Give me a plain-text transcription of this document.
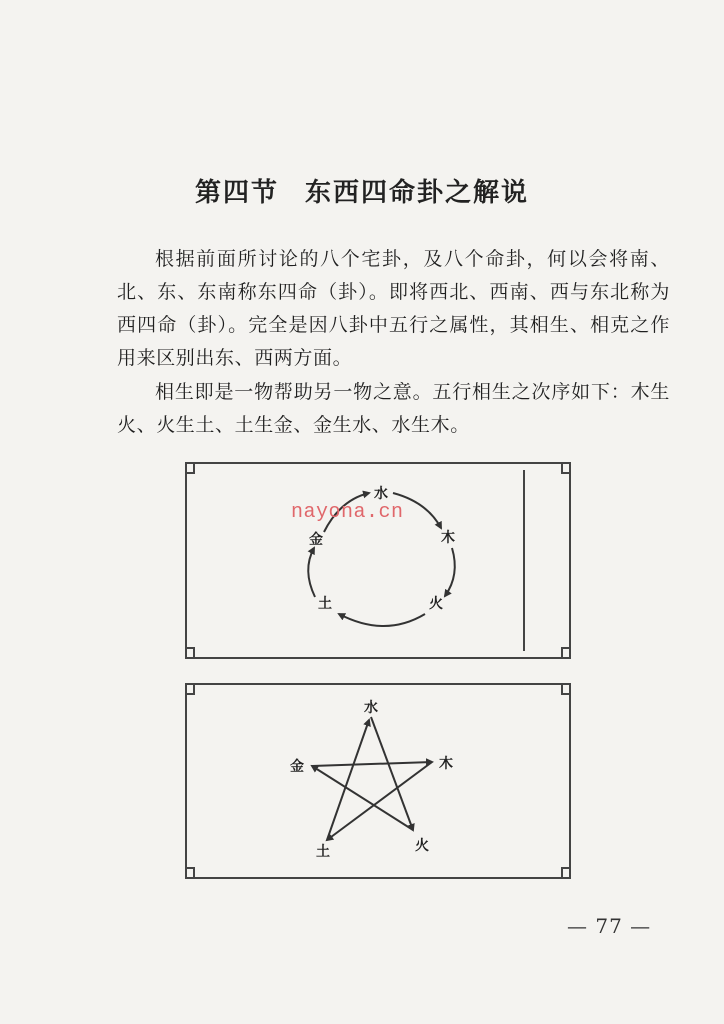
第四节 东西四命卦之解说
根据前面所讨论的八个宅卦，及八个命卦，何以会将南、北、东、东南称东四命（卦）。即将西北、西南、西与东北称为西四命（卦）。完全是因八卦中五行之属性，其相生、相克之作用来区别出东、西两方面。
相生即是一物帮助另一物之意。五行相生之次序如下：木生火、火生土、土生金、金生水、水生木。
水
木
火
土
金
水
木
火
土
金
nayona.cn
— 77 —
